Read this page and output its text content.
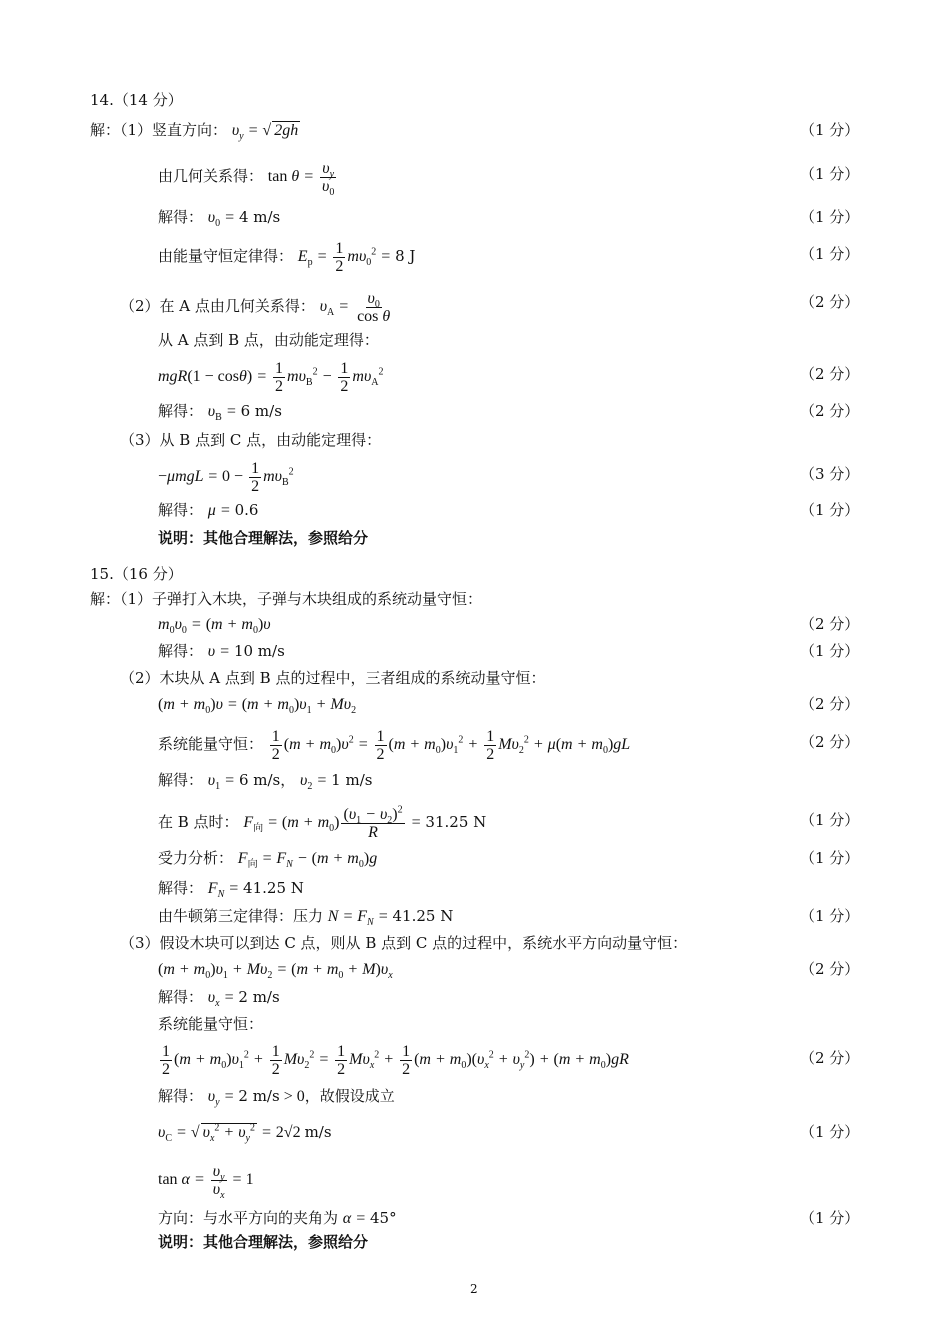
14.（14 分）
解：（1）竖直方向： $\upsilon_y$ = √ 2gh	（1 分）
由几何关系得： $\tan \theta = \frac{\upsilon_y}{\upsilon_0}$	（1 分）
解得： $\upsilon_0 = 4$ m/s	（1 分）
由能量守恒定律得： $E_p = \frac{1}{2} m\upsilon_0^2 = 8$ J	（1 分）
（2）在 A 点由几何关系得： $\upsilon_A = \frac{\upsilon_0}{\text{cos θ}}$	（2 分）
从 A 点到 B 点，由动能定理得：
$mgR(1 - \cos\theta) = \frac{1}{2} m\upsilon_B^2 - \frac{1}{2} m\upsilon_A^2$	（2 分）
解得： $\upsilon_B = 6$ m/s	（2 分）
（3）从 B 点到 C 点，由动能定理得：
$-\mu mgL = 0 - \frac{1}{2} m\upsilon_B^2$	（3 分）
解得： μ = 0.6	（1 分）
说明：其他合理解法，参照给分
15.（16 分）
解：（1）子弹打入木块，子弹与木块组成的系统动量守恒：
$m_0\upsilon_0 = (m + m_0)\upsilon$	（2 分）
解得： υ = 10 m/s	（1 分）
（2）木块从 A 点到 B 点的过程中，三者组成的系统动量守恒：
$(m + m_0)\upsilon = (m + m_0)\upsilon_1 + M\upsilon_2$	（2 分）
系统能量守恒： $\frac{1}{2} (m + m_0)\upsilon^2 = \frac{1}{2} (m + m_0)\upsilon_1^2 + \frac{1}{2} M\upsilon_2^2 + \mu(m + m_0)gL$	（2 分）
解得： $\upsilon_1 = 6$ m/s， $\upsilon_2 = 1$ m/s
在 B 点时： $F_向 = (m + m_0) \frac{(\upsilon_1 - \upsilon_2)^2}{R} = 31.25$ N	（1 分）
受力分析： $F_向 = F_N - (m + m_0)g$	（1 分）
解得： $F_N = 41.25$ N
由牛顿第三定律得：压力 $N = F_N = 41.25$ N	（1 分）
（3）假设木块可以到达 C 点，则从 B 点到 C 点的过程中，系统水平方向动量守恒：
$(m + m_0)\upsilon_1 + M\upsilon_2 = (m + m_0 + M)\upsilon_x$	（2 分）
解得： $\upsilon_x = 2$ m/s
系统能量守恒：
$\frac{1}{2} (m + m_0)\upsilon_1^2 + \frac{1}{2} M\upsilon_2^2 = \frac{1}{2} M\upsilon_x^2 + \frac{1}{2} (m + m_0)(\upsilon_x^2 + \upsilon_y^2) + (m + m_0)gR$	（2 分）
解得： $\upsilon_y = 2$ m/s > 0，故假设成立
$\upsilon_C$ = √ $\upsilon_x^2 + \upsilon_y^2 = 2√2$ m/s	（1 分）
$\tan \alpha = \frac{\upsilon_y}{\upsilon_x} = 1$
方向：与水平方向的夹角为 α = 45°	（1 分）
说明：其他合理解法，参照给分
2
